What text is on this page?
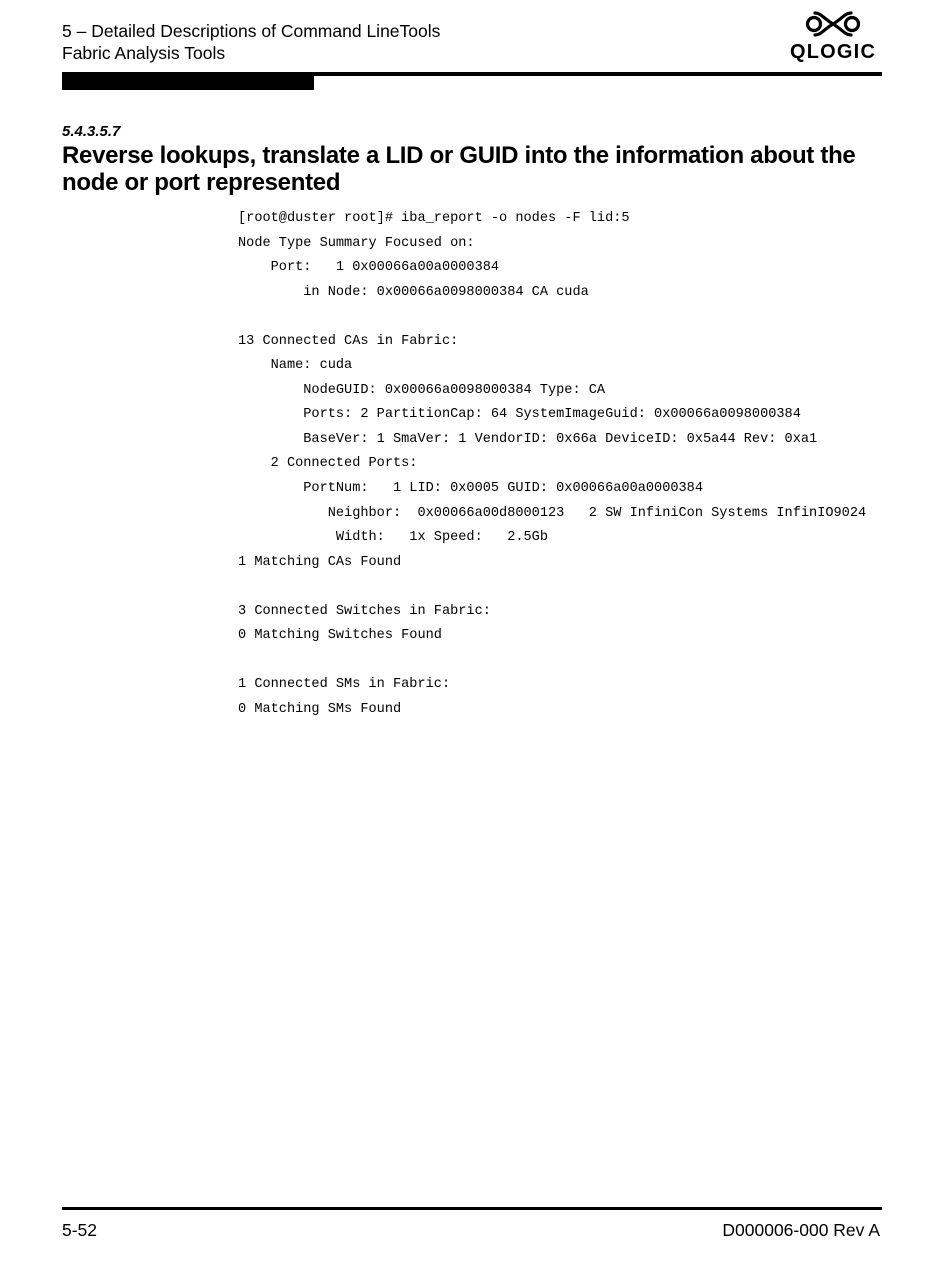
5 – Detailed Descriptions of Command LineTools
Fabric Analysis Tools	QLOGIC
5.4.3.5.7
Reverse lookups, translate a LID or GUID into the information about the node or port represented
[root@duster root]# iba_report -o nodes -F lid:5
Node Type Summary Focused on:
Port:   1 0x00066a00a0000384
in Node: 0x00066a0098000384 CA cuda
13 Connected CAs in Fabric:
Name: cuda
NodeGUID: 0x00066a0098000384 Type: CA
Ports: 2 PartitionCap: 64 SystemImageGuid: 0x00066a0098000384
BaseVer: 1 SmaVer: 1 VendorID: 0x66a DeviceID: 0x5a44 Rev: 0xa1
2 Connected Ports:
PortNum:   1 LID: 0x0005 GUID: 0x00066a00a0000384
Neighbor:  0x00066a00d8000123   2 SW InfiniCon Systems InfinIO9024
Width:   1x Speed:   2.5Gb
1 Matching CAs Found
3 Connected Switches in Fabric:
0 Matching Switches Found
1 Connected SMs in Fabric:
0 Matching SMs Found
5-52	D000006-000 Rev A
